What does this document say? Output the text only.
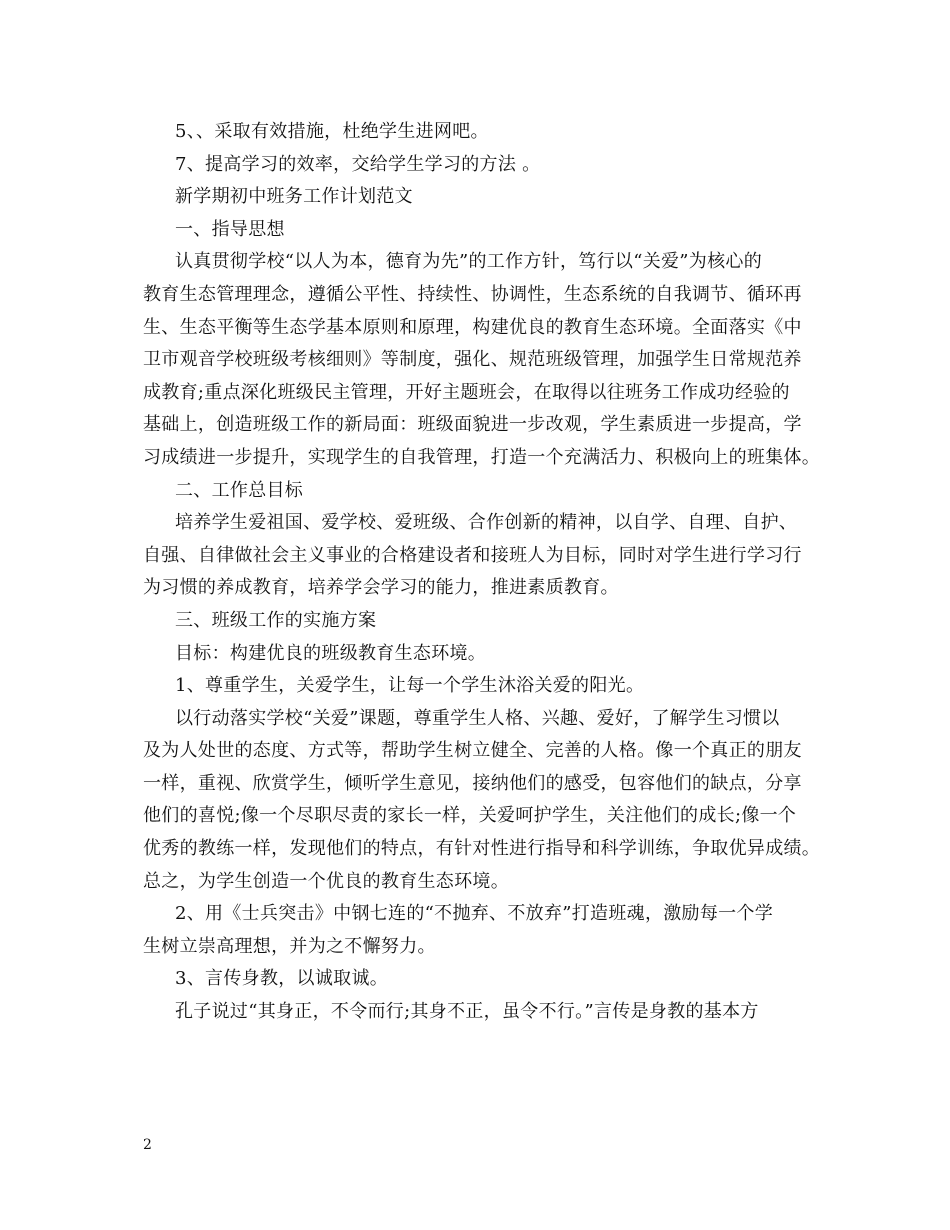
5、、采取有效措施，杜绝学生进网吧。
7、提高学习的效率，交给学生学习的方法 。
新学期初中班务工作计划范文
一、指导思想
认真贯彻学校“以人为本，德育为先”的工作方针，笃行以“关爱”为核心的
教育生态管理理念，遵循公平性、持续性、协调性，生态系统的自我调节、循环再
生、生态平衡等生态学基本原则和原理，构建优良的教育生态环境。全面落实《中
卫市观音学校班级考核细则》等制度，强化、规范班级管理，加强学生日常规范养
成教育;重点深化班级民主管理，开好主题班会，在取得以往班务工作成功经验的
基础上，创造班级工作的新局面：班级面貌进一步改观，学生素质进一步提高，学
习成绩进一步提升，实现学生的自我管理，打造一个充满活力、积极向上的班集体。
二、工作总目标
培养学生爱祖国、爱学校、爱班级、合作创新的精神，以自学、自理、自护、
自强、自律做社会主义事业的合格建设者和接班人为目标，同时对学生进行学习行
为习惯的养成教育，培养学会学习的能力，推进素质教育。
三、班级工作的实施方案
目标：构建优良的班级教育生态环境。
1、尊重学生，关爱学生，让每一个学生沐浴关爱的阳光。
以行动落实学校“关爱”课题，尊重学生人格、兴趣、爱好，了解学生习惯以
及为人处世的态度、方式等，帮助学生树立健全、完善的人格。像一个真正的朋友
一样，重视、欣赏学生，倾听学生意见，接纳他们的感受，包容他们的缺点，分享
他们的喜悦;像一个尽职尽责的家长一样，关爱呵护学生，关注他们的成长;像一个
优秀的教练一样，发现他们的特点，有针对性进行指导和科学训练，争取优异成绩。
总之，为学生创造一个优良的教育生态环境。
2、用《士兵突击》中钢七连的“不抛弃、不放弃”打造班魂，激励每一个学
生树立崇高理想，并为之不懈努力。
3、言传身教，以诚取诚。
孔子说过“其身正，不令而行;其身不正，虽令不行。”言传是身教的基本方
2
